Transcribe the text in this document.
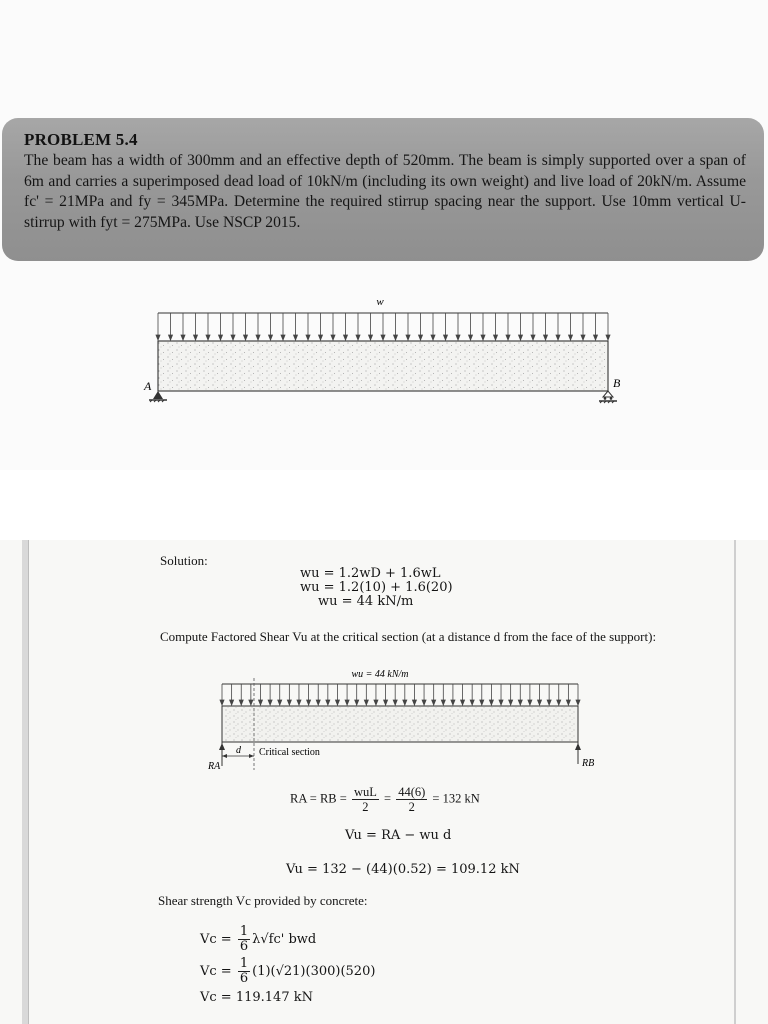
PROBLEM 5.4
The beam has a width of 300mm and an effective depth of 520mm. The beam is simply supported over a span of 6m and carries a superimposed dead load of 10kN/m (including its own weight) and live load of 20kN/m. Assume fc' = 21MPa and fy = 345MPa. Determine the required stirrup spacing near the support. Use 10mm vertical U-stirrup with fyt = 275MPa. Use NSCP 2015.
w
A	B
Solution:
wu = 1.2wD + 1.6wL
wu = 1.2(10) + 1.6(20)
wu = 44 kN/m
Compute Factored Shear Vu at the critical section (at a distance d from the face of the support):
wu = 44 kN/m
d Critical section
RA	RB
RA = RB = wuL
2
= $\frac{44(6)}{2} = 132$ kN
Vu = RA − wu d
Vu = 132 − (44)(0.52) = 109.12 kN
Shear strength Vc provided by concrete:
$Vc = \frac{1}{6} \lambda√fc'$ bwd
$Vc = \frac{1}{6} (1)(√21)(300)(520)$
Vc = 119.147 kN
